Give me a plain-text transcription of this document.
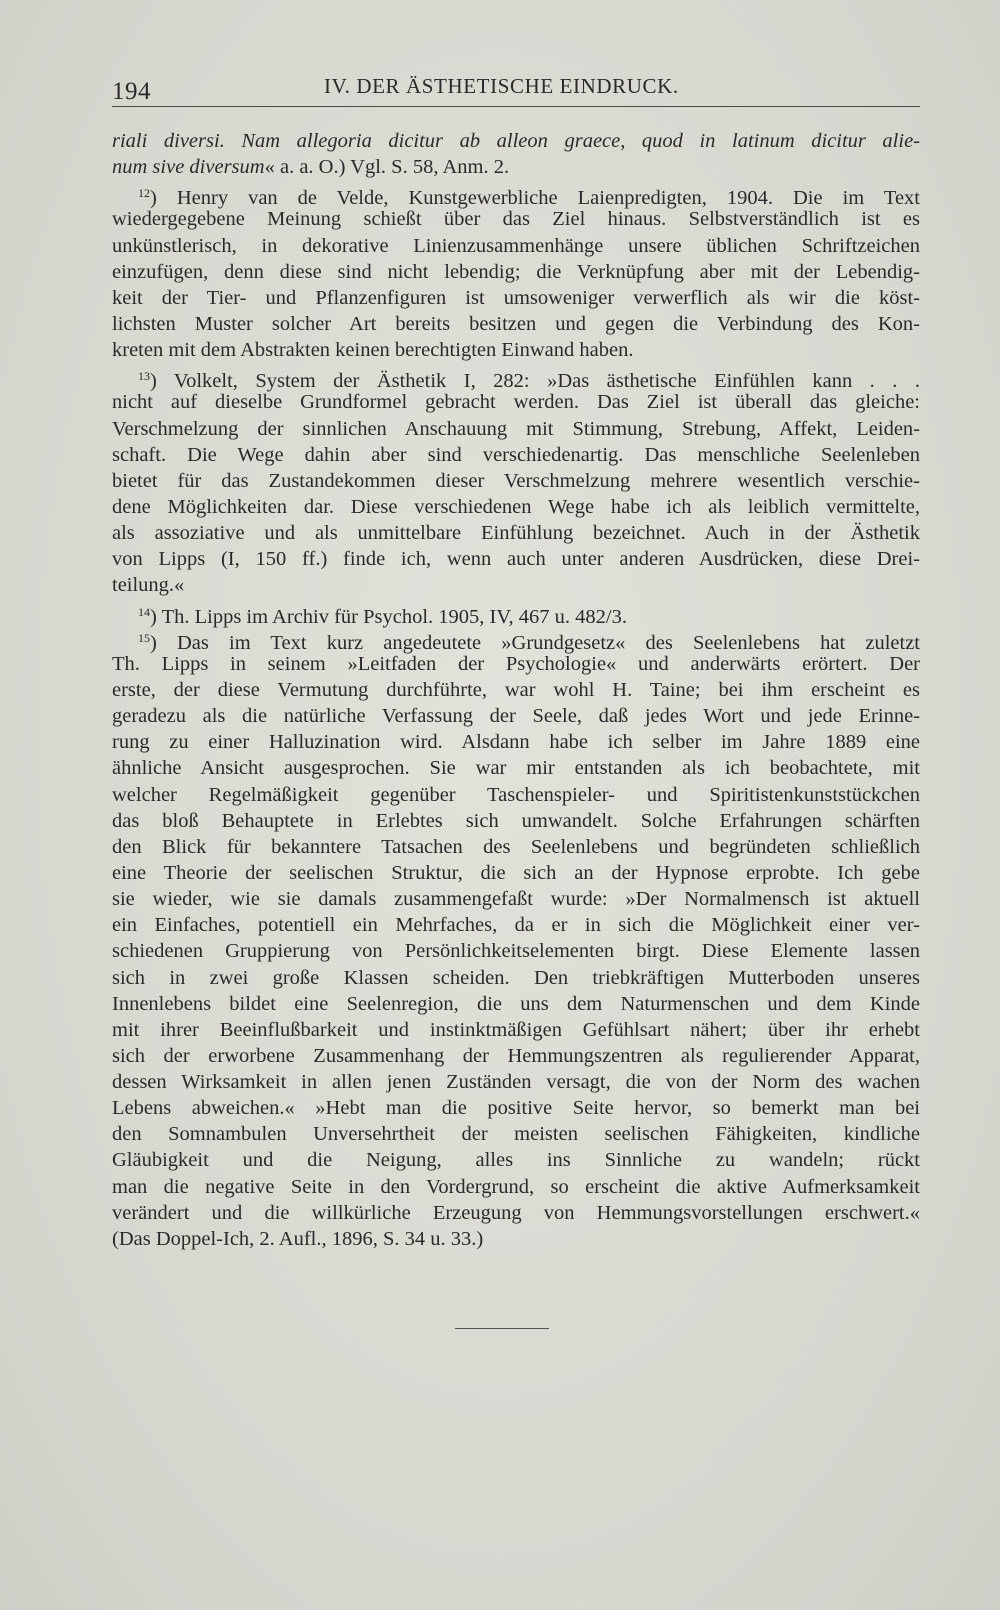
194	IV. DER ÄSTHETISCHE EINDRUCK.
riali diversi. Nam allegoria dicitur ab alleon graece, quod in latinum dicitur alie-
num sive diversum« a. a. O.) Vgl. S. 58, Anm. 2.
$^{12}$) Henry van de Velde, Kunstgewerbliche Laienpredigten, 1904. Die im Text
wiedergegebene Meinung schießt über das Ziel hinaus. Selbstverständlich ist es
unkünstlerisch, in dekorative Linienzusammenhänge unsere üblichen Schriftzeichen
einzufügen, denn diese sind nicht lebendig; die Verknüpfung aber mit der Lebendig-
keit der Tier- und Pflanzenfiguren ist umsoweniger verwerflich als wir die köst-
lichsten Muster solcher Art bereits besitzen und gegen die Verbindung des Kon-
kreten mit dem Abstrakten keinen berechtigten Einwand haben.
$^{13}$) Volkelt, System der Ästhetik I, 282: »Das ästhetische Einfühlen kann . . .
nicht auf dieselbe Grundformel gebracht werden. Das Ziel ist überall das gleiche:
Verschmelzung der sinnlichen Anschauung mit Stimmung, Strebung, Affekt, Leiden-
schaft. Die Wege dahin aber sind verschiedenartig. Das menschliche Seelenleben
bietet für das Zustandekommen dieser Verschmelzung mehrere wesentlich verschie-
dene Möglichkeiten dar. Diese verschiedenen Wege habe ich als leiblich vermittelte,
als assoziative und als unmittelbare Einfühlung bezeichnet. Auch in der Ästhetik
von Lipps (I, 150 ff.) finde ich, wenn auch unter anderen Ausdrücken, diese Drei-
teilung.«
$^{14}$) Th. Lipps im Archiv für Psychol. 1905, IV, 467 u. 482/3.
$^{15}$) Das im Text kurz angedeutete »Grundgesetz« des Seelenlebens hat zuletzt
Th. Lipps in seinem »Leitfaden der Psychologie« und anderwärts erörtert. Der
erste, der diese Vermutung durchführte, war wohl H. Taine; bei ihm erscheint es
geradezu als die natürliche Verfassung der Seele, daß jedes Wort und jede Erinne-
rung zu einer Halluzination wird. Alsdann habe ich selber im Jahre 1889 eine
ähnliche Ansicht ausgesprochen. Sie war mir entstanden als ich beobachtete, mit
welcher Regelmäßigkeit gegenüber Taschenspieler- und Spiritistenkunststückchen
das bloß Behauptete in Erlebtes sich umwandelt. Solche Erfahrungen schärften
den Blick für bekanntere Tatsachen des Seelenlebens und begründeten schließlich
eine Theorie der seelischen Struktur, die sich an der Hypnose erprobte. Ich gebe
sie wieder, wie sie damals zusammengefaßt wurde: »Der Normalmensch ist aktuell
ein Einfaches, potentiell ein Mehrfaches, da er in sich die Möglichkeit einer ver-
schiedenen Gruppierung von Persönlichkeitselementen birgt. Diese Elemente lassen
sich in zwei große Klassen scheiden. Den triebkräftigen Mutterboden unseres
Innenlebens bildet eine Seelenregion, die uns dem Naturmenschen und dem Kinde
mit ihrer Beeinflußbarkeit und instinktmäßigen Gefühlsart nähert; über ihr erhebt
sich der erworbene Zusammenhang der Hemmungszentren als regulierender Apparat,
dessen Wirksamkeit in allen jenen Zuständen versagt, die von der Norm des wachen
Lebens abweichen.« »Hebt man die positive Seite hervor, so bemerkt man bei
den Somnambulen Unversehrtheit der meisten seelischen Fähigkeiten, kindliche
Gläubigkeit und die Neigung, alles ins Sinnliche zu wandeln; rückt
man die negative Seite in den Vordergrund, so erscheint die aktive Aufmerksamkeit
verändert und die willkürliche Erzeugung von Hemmungsvorstellungen erschwert.«
(Das Doppel-Ich, 2. Aufl., 1896, S. 34 u. 33.)
